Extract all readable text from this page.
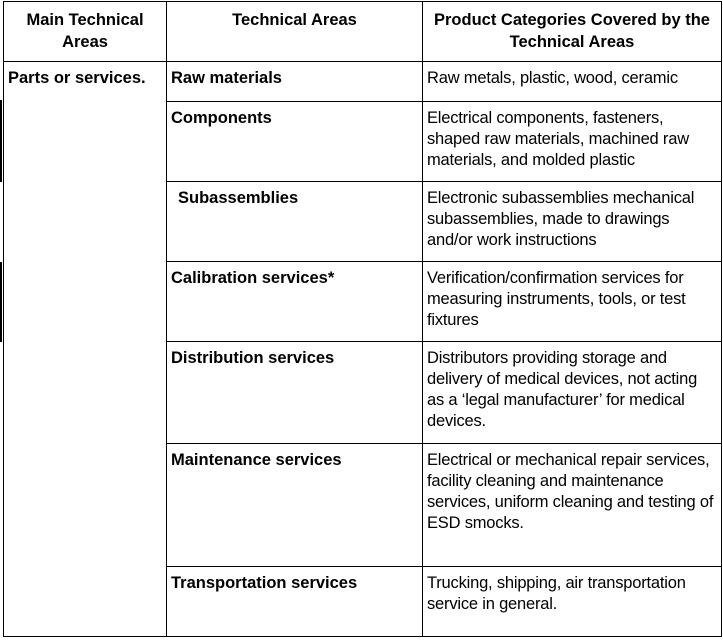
Main Technical Areas	Technical Areas	Product Categories Covered by the Technical Areas
Parts or services.	Raw materials	Raw metals, plastic, wood, ceramic
	Components	Electrical components, fasteners, shaped raw materials, machined raw materials, and molded plastic
	Subassemblies	Electronic subassemblies mechanical subassemblies, made to drawings and/or work instructions
	Calibration services*	Verification/confirmation services for measuring instruments, tools, or test fixtures
	Distribution services	Distributors providing storage and delivery of medical devices, not acting as a ‘legal manufacturer’ for medical devices.
	Maintenance services	Electrical or mechanical repair services, facility cleaning and maintenance services, uniform cleaning and testing of ESD smocks.
	Transportation services	Trucking, shipping, air transportation service in general.
